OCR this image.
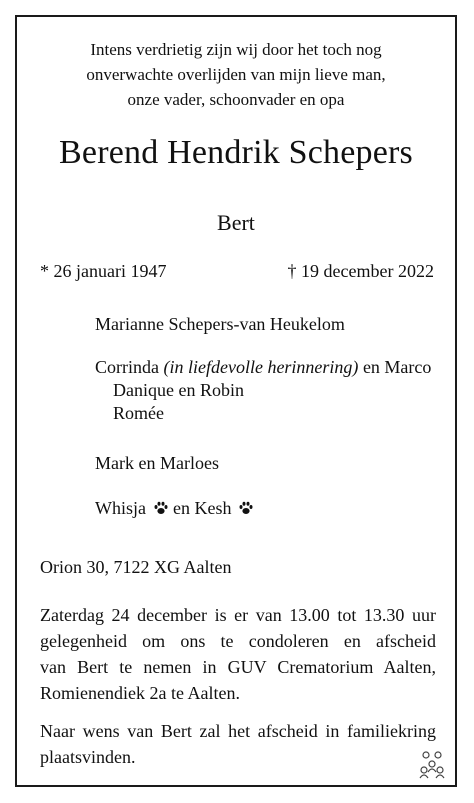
Intens verdrietig zijn wij door het toch nog
onverwachte overlijden van mijn lieve man,
onze vader, schoonvader en opa
Berend Hendrik Schepers
Bert
* 26 januari 1947	† 19 december 2022
Marianne Schepers-van Heukelom
Corrinda (in liefdevolle herinnering) en Marco
Danique en Robin
Romée
Mark en Marloes
Whisja en Kesh
Orion 30, 7122 XG Aalten
Zaterdag 24 december is er van 13.00 tot 13.30 uur
gelegenheid om ons te condoleren en afscheid
van Bert te nemen in GUV Crematorium Aalten,
Romienendiek 2a te Aalten.
Naar wens van Bert zal het afscheid in familiekring
plaatsvinden.
